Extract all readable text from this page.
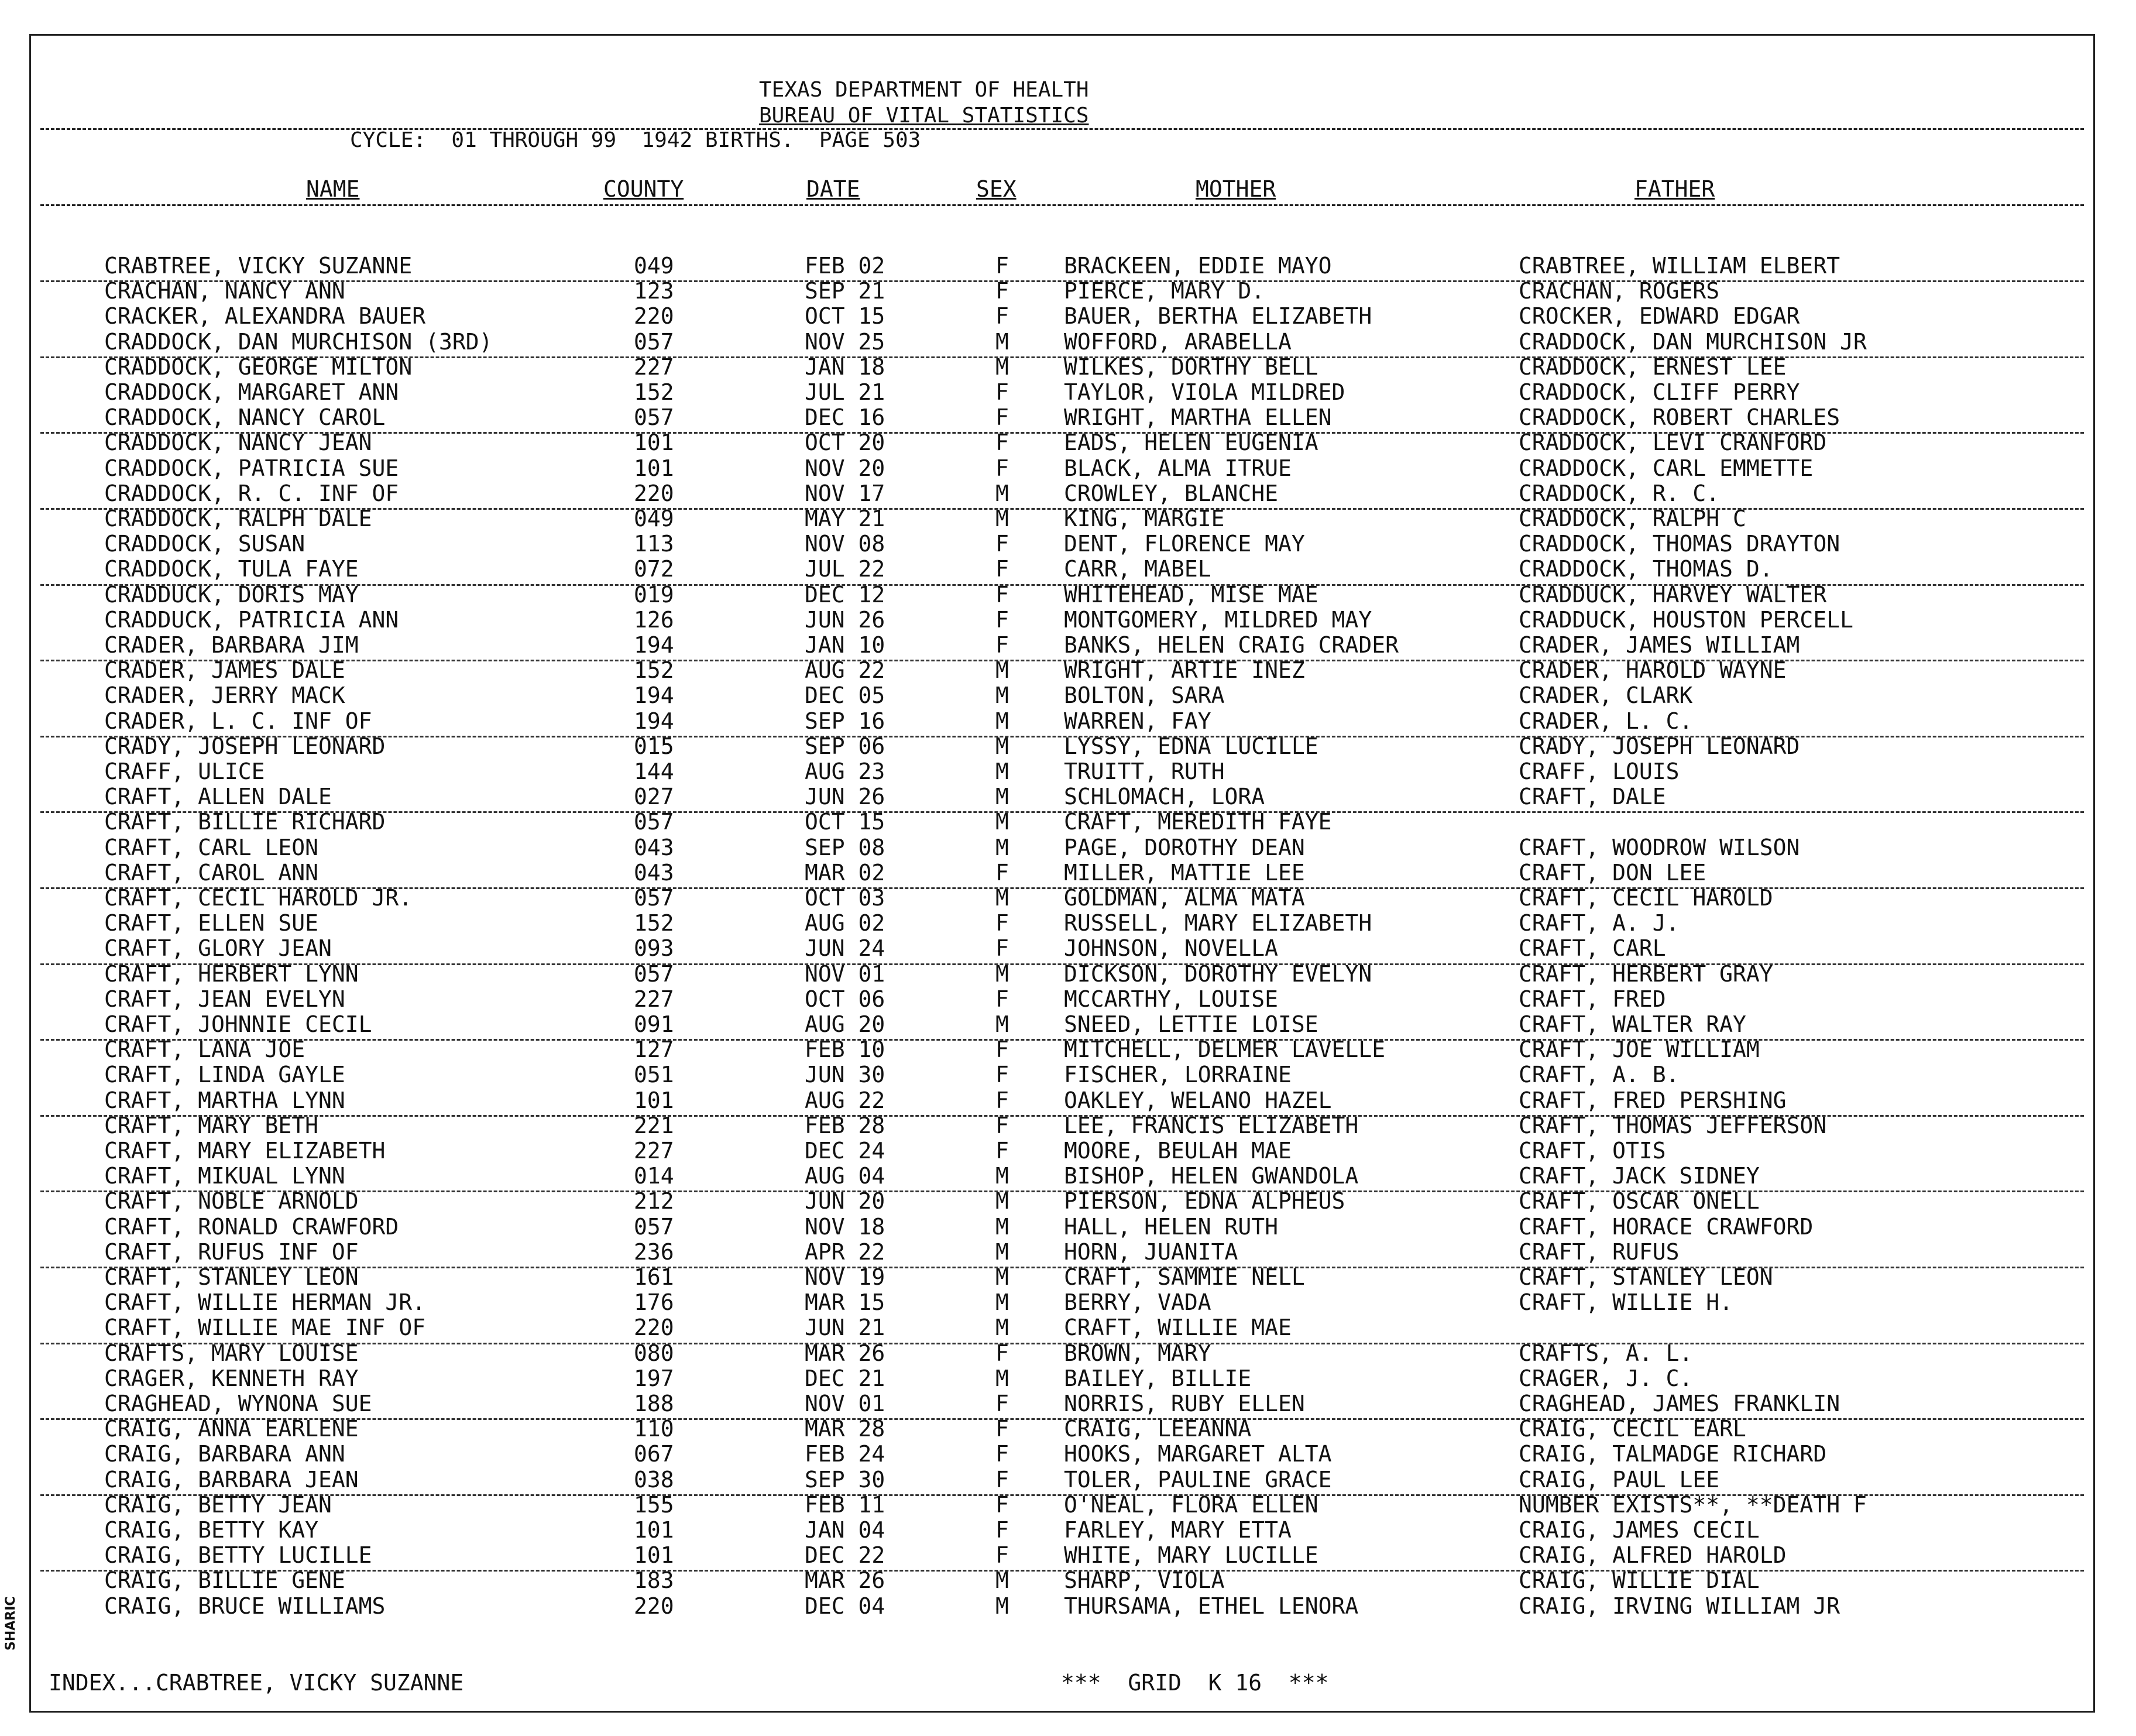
TEXAS DEPARTMENT OF HEALTH
BUREAU OF VITAL STATISTICS
CYCLE:  01 THROUGH 99  1942 BIRTHS.  PAGE 503
NAME	COUNTY	DATE	SEX	MOTHER	FATHER
CRABTREE, VICKY SUZANNE	049	FEB 02	F BRACKEEN, EDDIE MAYO	CRABTREE, WILLIAM ELBERT
CRACHAN, NANCY ANN	123	SEP 21	F PIERCE, MARY D.	CRACHAN, ROGERS
CRACKER, ALEXANDRA BAUER	220	OCT 15	F BAUER, BERTHA ELIZABETH	CROCKER, EDWARD EDGAR
CRADDOCK, DAN MURCHISON (3RD)	057	NOV 25	M WOFFORD, ARABELLA	CRADDOCK, DAN MURCHISON JR
CRADDOCK, GEORGE MILTON	227	JAN 18	M WILKES, DORTHY BELL	CRADDOCK, ERNEST LEE
CRADDOCK, MARGARET ANN	152	JUL 21	F TAYLOR, VIOLA MILDRED	CRADDOCK, CLIFF PERRY
CRADDOCK, NANCY CAROL	057	DEC 16	F WRIGHT, MARTHA ELLEN	CRADDOCK, ROBERT CHARLES
CRADDOCK, NANCY JEAN	101	OCT 20	F EADS, HELEN EUGENIA	CRADDOCK, LEVI CRANFORD
CRADDOCK, PATRICIA SUE	101	NOV 20	F BLACK, ALMA ITRUE	CRADDOCK, CARL EMMETTE
CRADDOCK, R. C. INF OF	220	NOV 17	M CROWLEY, BLANCHE	CRADDOCK, R. C.
CRADDOCK, RALPH DALE	049	MAY 21	M KING, MARGIE	CRADDOCK, RALPH C
CRADDOCK, SUSAN	113	NOV 08	F DENT, FLORENCE MAY	CRADDOCK, THOMAS DRAYTON
CRADDOCK, TULA FAYE	072	JUL 22	F CARR, MABEL	CRADDOCK, THOMAS D.
CRADDUCK, DORIS MAY	019	DEC 12	F WHITEHEAD, MISE MAE	CRADDUCK, HARVEY WALTER
CRADDUCK, PATRICIA ANN	126	JUN 26	F MONTGOMERY, MILDRED MAY	CRADDUCK, HOUSTON PERCELL
CRADER, BARBARA JIM	194	JAN 10	F BANKS, HELEN CRAIG CRADER	CRADER, JAMES WILLIAM
CRADER, JAMES DALE	152	AUG 22	M WRIGHT, ARTIE INEZ	CRADER, HAROLD WAYNE
CRADER, JERRY MACK	194	DEC 05	M BOLTON, SARA	CRADER, CLARK
CRADER, L. C. INF OF	194	SEP 16	M WARREN, FAY	CRADER, L. C.
CRADY, JOSEPH LEONARD	015	SEP 06	M LYSSY, EDNA LUCILLE	CRADY, JOSEPH LEONARD
CRAFF, ULICE	144	AUG 23	M TRUITT, RUTH	CRAFF, LOUIS
CRAFT, ALLEN DALE	027	JUN 26	M SCHLOMACH, LORA	CRAFT, DALE
CRAFT, BILLIE RICHARD	057	OCT 15	M CRAFT, MEREDITH FAYE
CRAFT, CARL LEON	043	SEP 08	M PAGE, DOROTHY DEAN	CRAFT, WOODROW WILSON
CRAFT, CAROL ANN	043	MAR 02	F MILLER, MATTIE LEE	CRAFT, DON LEE
CRAFT, CECIL HAROLD JR.	057	OCT 03	M GOLDMAN, ALMA MATA	CRAFT, CECIL HAROLD
CRAFT, ELLEN SUE	152	AUG 02	F RUSSELL, MARY ELIZABETH	CRAFT, A. J.
CRAFT, GLORY JEAN	093	JUN 24	F JOHNSON, NOVELLA	CRAFT, CARL
CRAFT, HERBERT LYNN	057	NOV 01	M DICKSON, DOROTHY EVELYN	CRAFT, HERBERT GRAY
CRAFT, JEAN EVELYN	227	OCT 06	F MCCARTHY, LOUISE	CRAFT, FRED
CRAFT, JOHNNIE CECIL	091	AUG 20	M SNEED, LETTIE LOISE	CRAFT, WALTER RAY
CRAFT, LANA JOE	127	FEB 10	F MITCHELL, DELMER LAVELLE	CRAFT, JOE WILLIAM
CRAFT, LINDA GAYLE	051	JUN 30	F FISCHER, LORRAINE	CRAFT, A. B.
CRAFT, MARTHA LYNN	101	AUG 22	F OAKLEY, WELANO HAZEL	CRAFT, FRED PERSHING
CRAFT, MARY BETH	221	FEB 28	F LEE, FRANCIS ELIZABETH	CRAFT, THOMAS JEFFERSON
CRAFT, MARY ELIZABETH	227	DEC 24	F MOORE, BEULAH MAE	CRAFT, OTIS
CRAFT, MIKUAL LYNN	014	AUG 04	M BISHOP, HELEN GWANDOLA	CRAFT, JACK SIDNEY
CRAFT, NOBLE ARNOLD	212	JUN 20	M PIERSON, EDNA ALPHEUS	CRAFT, OSCAR ONELL
CRAFT, RONALD CRAWFORD	057	NOV 18	M HALL, HELEN RUTH	CRAFT, HORACE CRAWFORD
CRAFT, RUFUS INF OF	236	APR 22	M HORN, JUANITA	CRAFT, RUFUS
CRAFT, STANLEY LEON	161	NOV 19	M CRAFT, SAMMIE NELL	CRAFT, STANLEY LEON
CRAFT, WILLIE HERMAN JR.	176	MAR 15	M BERRY, VADA	CRAFT, WILLIE H.
CRAFT, WILLIE MAE INF OF	220	JUN 21	M CRAFT, WILLIE MAE
CRAFTS, MARY LOUISE	080	MAR 26	F BROWN, MARY	CRAFTS, A. L.
CRAGER, KENNETH RAY	197	DEC 21	M BAILEY, BILLIE	CRAGER, J. C.
CRAGHEAD, WYNONA SUE	188	NOV 01	F NORRIS, RUBY ELLEN	CRAGHEAD, JAMES FRANKLIN
CRAIG, ANNA EARLENE	110	MAR 28	F CRAIG, LEEANNA	CRAIG, CECIL EARL
CRAIG, BARBARA ANN	067	FEB 24	F HOOKS, MARGARET ALTA	CRAIG, TALMADGE RICHARD
CRAIG, BARBARA JEAN	038	SEP 30	F TOLER, PAULINE GRACE	CRAIG, PAUL LEE
CRAIG, BETTY JEAN	155	FEB 11	F O'NEAL, FLORA ELLEN	NUMBER EXISTS**, **DEATH F
CRAIG, BETTY KAY	101	JAN 04	F FARLEY, MARY ETTA	CRAIG, JAMES CECIL
CRAIG, BETTY LUCILLE	101	DEC 22	F WHITE, MARY LUCILLE	CRAIG, ALFRED HAROLD
CRAIG, BILLIE GENE	183	MAR 26	M SHARP, VIOLA	CRAIG, WILLIE DIAL
CRAIG, BRUCE WILLIAMS	220	DEC 04	M THURSAMA, ETHEL LENORA	CRAIG, IRVING WILLIAM JR
INDEX...CRABTREE, VICKY SUZANNE	***  GRID  K 16  ***
SHARIC
